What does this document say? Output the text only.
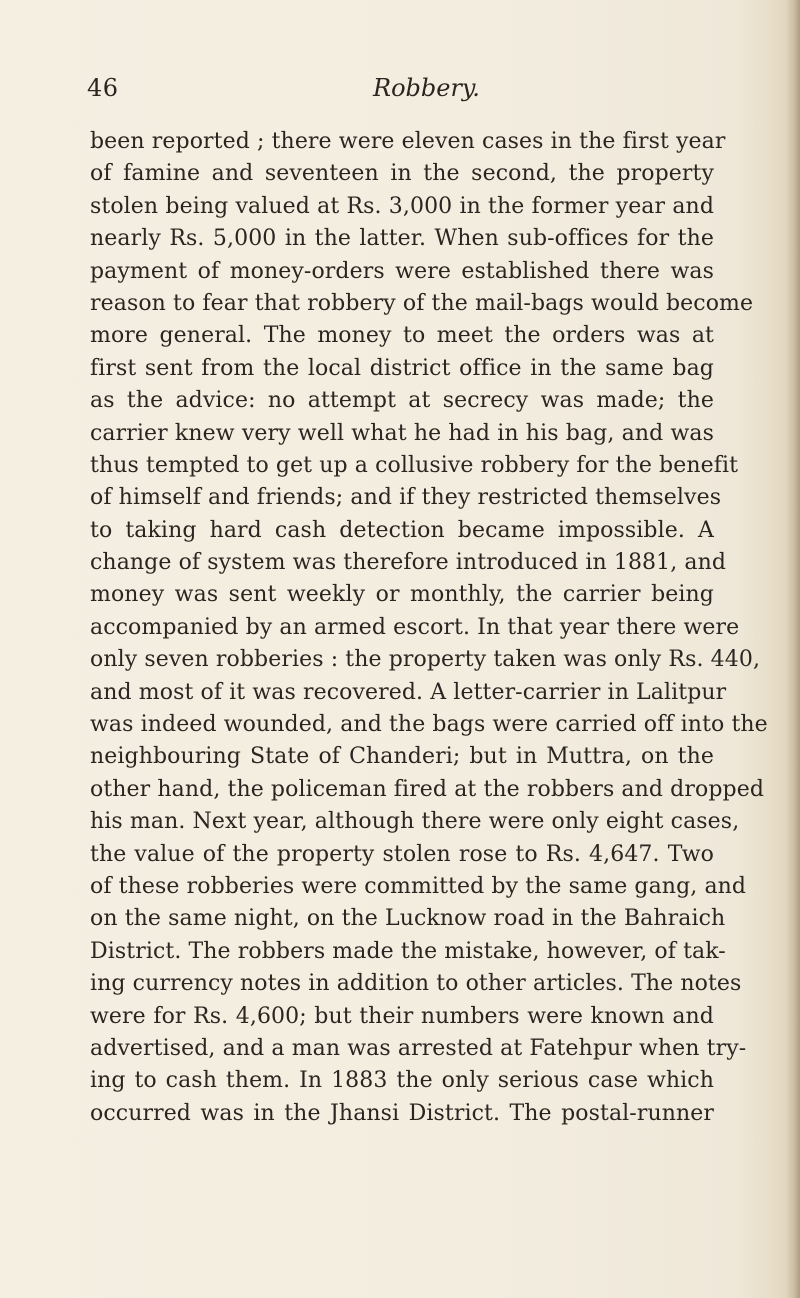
46	Robbery.
been reported ; there were eleven cases in the first year
of famine and seventeen in the second, the property
stolen being valued at Rs. 3,000 in the former year and
nearly Rs. 5,000 in the latter. When sub-offices for the
payment of money-orders were established there was
reason to fear that robbery of the mail-bags would become
more general. The money to meet the orders was at
first sent from the local district office in the same bag
as the advice: no attempt at secrecy was made; the
carrier knew very well what he had in his bag, and was
thus tempted to get up a collusive robbery for the benefit
of himself and friends; and if they restricted themselves
to taking hard cash detection became impossible. A
change of system was therefore introduced in 1881, and
money was sent weekly or monthly, the carrier being
accompanied by an armed escort. In that year there were
only seven robberies : the property taken was only Rs. 440,
and most of it was recovered. A letter-carrier in Lalitpur
was indeed wounded, and the bags were carried off into the
neighbouring State of Chanderi; but in Muttra, on the
other hand, the policeman fired at the robbers and dropped
his man. Next year, although there were only eight cases,
the value of the property stolen rose to Rs. 4,647. Two
of these robberies were committed by the same gang, and
on the same night, on the Lucknow road in the Bahraich
District. The robbers made the mistake, however, of tak-
ing currency notes in addition to other articles. The notes
were for Rs. 4,600; but their numbers were known and
advertised, and a man was arrested at Fatehpur when try-
ing to cash them. In 1883 the only serious case which
occurred was in the Jhansi District. The postal-runner
